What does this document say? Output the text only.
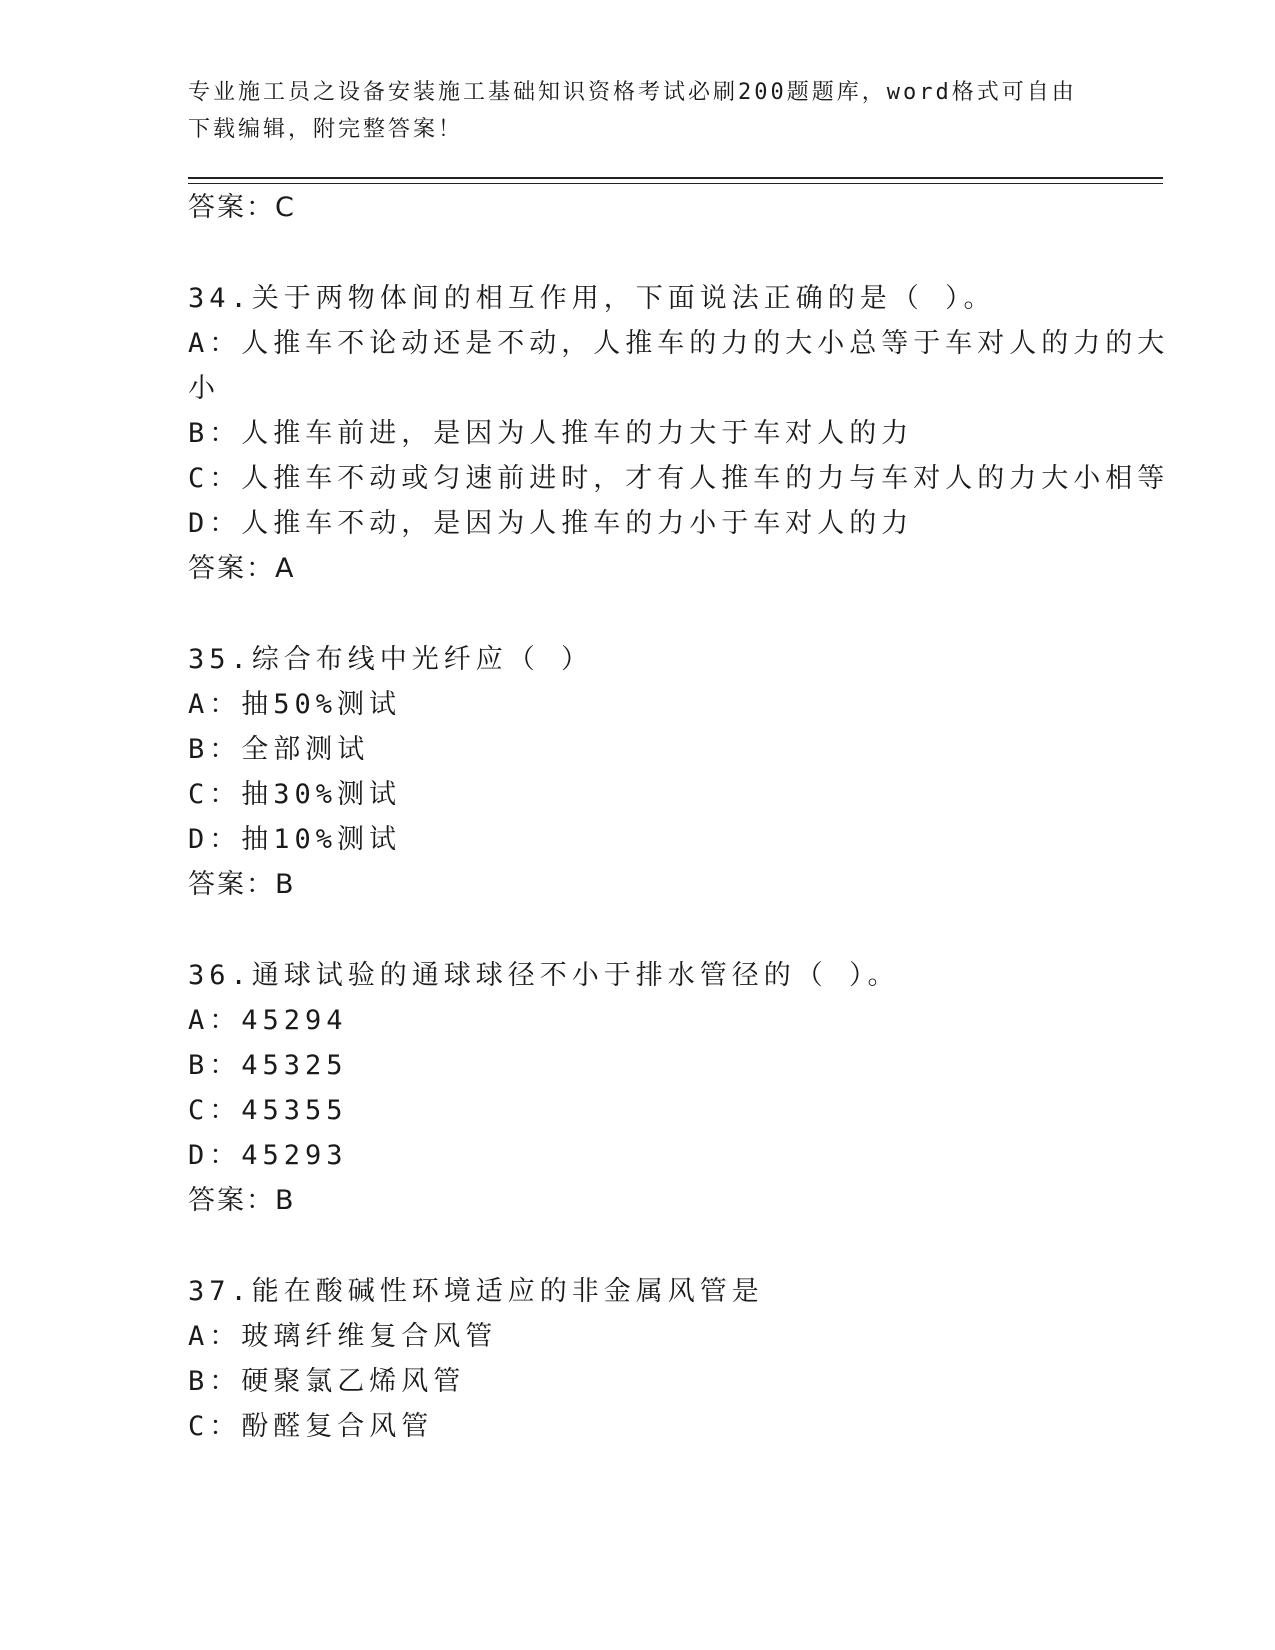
专业施工员之设备安装施工基础知识资格考试必刷200题题库，word格式可自由
下载编辑，附完整答案！
答案：C
34.关于两物体间的相互作用，下面说法正确的是（ ）。
A：人推车不论动还是不动，人推车的力的大小总等于车对人的力的大
小
B：人推车前进，是因为人推车的力大于车对人的力
C：人推车不动或匀速前进时，才有人推车的力与车对人的力大小相等
D：人推车不动，是因为人推车的力小于车对人的力
答案：A
35.综合布线中光纤应（ ）
A：抽50%测试
B：全部测试
C：抽30%测试
D：抽10%测试
答案：B
36.通球试验的通球球径不小于排水管径的（ ）。
A：45294
B：45325
C：45355
D：45293
答案：B
37.能在酸碱性环境适应的非金属风管是
A：玻璃纤维复合风管
B：硬聚氯乙烯风管
C：酚醛复合风管
